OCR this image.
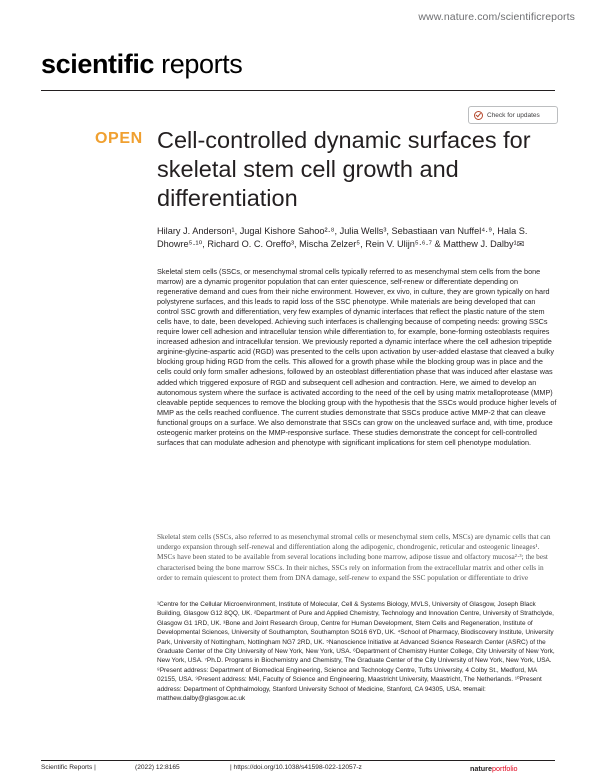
www.nature.com/scientificreports
scientific reports
Check for updates
OPEN Cell-controlled dynamic surfaces for skeletal stem cell growth and differentiation
Hilary J. Anderson¹, Jugal Kishore Sahoo²·⁸, Julia Wells³, Sebastiaan van Nuffel⁴·⁹, Hala S. Dhowre⁵·¹⁰, Richard O. C. Oreffo³, Mischa Zelzer⁵, Rein V. Ulijn⁵·⁶·⁷ & Matthew J. Dalby¹✉
Skeletal stem cells (SSCs, or mesenchymal stromal cells typically referred to as mesenchymal stem cells from the bone marrow) are a dynamic progenitor population that can enter quiescence, self-renew or differentiate depending on regenerative demand and cues from their niche environment. However, ex vivo, in culture, they are grown typically on hard polystyrene surfaces, and this leads to rapid loss of the SSC phenotype. While materials are being developed that can control SSC growth and differentiation, very few examples of dynamic interfaces that reflect the plastic nature of the stem cells have, to date, been developed. Achieving such interfaces is challenging because of competing needs: growing SSCs require lower cell adhesion and intracellular tension while differentiation to, for example, bone-forming osteoblasts requires increased adhesion and intracellular tension. We previously reported a dynamic interface where the cell adhesion tripeptide arginine-glycine-aspartic acid (RGD) was presented to the cells upon activation by user-added elastase that cleaved a bulky blocking group hiding RGD from the cells. This allowed for a growth phase while the blocking group was in place and the cells could only form smaller adhesions, followed by an osteoblast differentiation phase that was induced after elastase was added which triggered exposure of RGD and subsequent cell adhesion and contraction. Here, we aimed to develop an autonomous system where the surface is activated according to the need of the cell by using matrix metalloprotease (MMP) cleavable peptide sequences to remove the blocking group with the hypothesis that the SSCs would produce higher levels of MMP as the cells reached confluence. The current studies demonstrate that SSCs produce active MMP-2 that can cleave functional groups on a surface. We also demonstrate that SSCs can grow on the uncleaved surface and, with time, produce osteogenic marker proteins on the MMP-responsive surface. These studies demonstrate the concept for cell-controlled surfaces that can modulate adhesion and phenotype with significant implications for stem cell phenotype modulation.
Skeletal stem cells (SSCs, also referred to as mesenchymal stromal cells or mesenchymal stem cells, MSCs) are dynamic cells that can undergo expansion through self-renewal and differentiation along the adipogenic, chondrogenic, reticular and osteogenic lineages¹. MSCs have been stated to be available from several locations including bone marrow, adipose tissue and olfactory mucosa²·³; the best characterised being the bone marrow SSCs. In their niches, SSCs rely on information from the extracellular matrix and other cells in order to remain quiescent to protect them from DNA damage, self-renew to expand the SSC population or differentiate to drive
¹Centre for the Cellular Microenvironment, Institute of Molecular, Cell & Systems Biology, MVLS, University of Glasgow, Joseph Black Building, Glasgow G12 8QQ, UK. ²Department of Pure and Applied Chemistry, Technology and Innovation Centre, University of Strathclyde, Glasgow G1 1RD, UK. ³Bone and Joint Research Group, Centre for Human Development, Stem Cells and Regeneration, Institute of Developmental Sciences, University of Southampton, Southampton SO16 6YD, UK. ⁴School of Pharmacy, Biodiscovery Institute, University Park, University of Nottingham, Nottingham NG7 2RD, UK. ⁵Nanoscience Initiative at Advanced Science Research Center (ASRC) of the Graduate Center of the City University of New York, New York, USA. ⁶Department of Chemistry Hunter College, City University of New York, New York, USA. ⁷Ph.D. Programs in Biochemistry and Chemistry, The Graduate Center of the City University of New York, New York, USA. ⁸Present address: Department of Biomedical Engineering, Science and Technology Centre, Tufts University, 4 Colby St., Medford, MA 02155, USA. ⁹Present address: M4I, Faculty of Science and Engineering, Maastricht University, Maastricht, The Netherlands. ¹⁰Present address: Department of Ophthalmology, Stanford University School of Medicine, Stanford, CA 94305, USA. ✉email: matthew.dalby@glasgow.ac.uk
Scientific Reports |	(2022) 12:8165	| https://doi.org/10.1038/s41598-022-12057-z	natureportfolio
